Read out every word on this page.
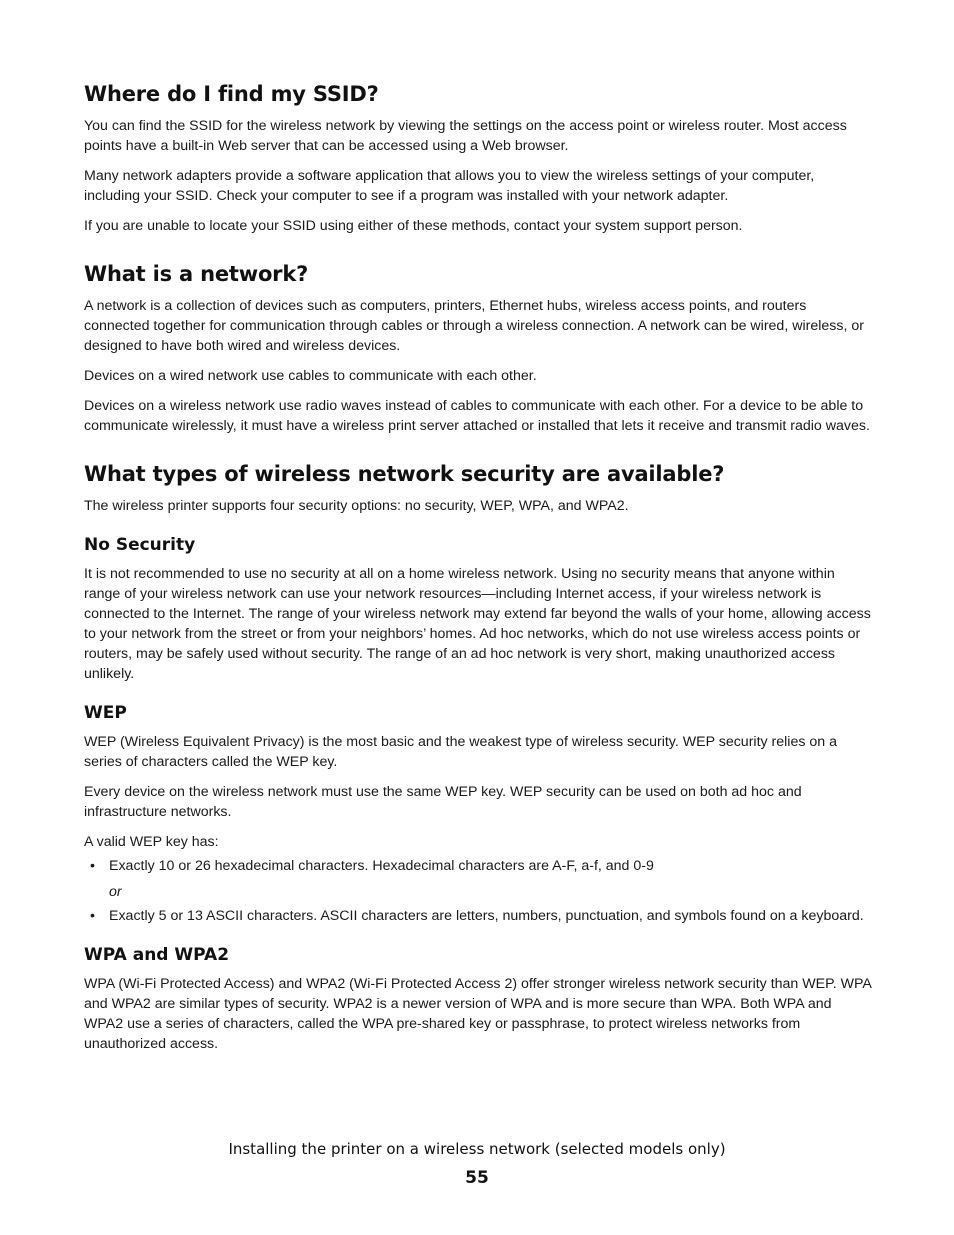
Where do I find my SSID?

You can find the SSID for the wireless network by viewing the settings on the access point or wireless router. Most access points have a built-in Web server that can be accessed using a Web browser.

Many network adapters provide a software application that allows you to view the wireless settings of your computer, including your SSID. Check your computer to see if a program was installed with your network adapter.

If you are unable to locate your SSID using either of these methods, contact your system support person.

What is a network?

A network is a collection of devices such as computers, printers, Ethernet hubs, wireless access points, and routers connected together for communication through cables or through a wireless connection. A network can be wired, wireless, or designed to have both wired and wireless devices.

Devices on a wired network use cables to communicate with each other.

Devices on a wireless network use radio waves instead of cables to communicate with each other. For a device to be able to communicate wirelessly, it must have a wireless print server attached or installed that lets it receive and transmit radio waves.

What types of wireless network security are available?

The wireless printer supports four security options: no security, WEP, WPA, and WPA2.

No Security

It is not recommended to use no security at all on a home wireless network. Using no security means that anyone within range of your wireless network can use your network resources—including Internet access, if your wireless network is connected to the Internet. The range of your wireless network may extend far beyond the walls of your home, allowing access to your network from the street or from your neighbors’ homes. Ad hoc networks, which do not use wireless access points or routers, may be safely used without security. The range of an ad hoc network is very short, making unauthorized access unlikely.

WEP

WEP (Wireless Equivalent Privacy) is the most basic and the weakest type of wireless security. WEP security relies on a series of characters called the WEP key.

Every device on the wireless network must use the same WEP key. WEP security can be used on both ad hoc and infrastructure networks.

A valid WEP key has:

• Exactly 10 or 26 hexadecimal characters. Hexadecimal characters are A-F, a-f, and 0-9
or
• Exactly 5 or 13 ASCII characters. ASCII characters are letters, numbers, punctuation, and symbols found on a keyboard.
WPA and WPA2

WPA (Wi-Fi Protected Access) and WPA2 (Wi-Fi Protected Access 2) offer stronger wireless network security than WEP. WPA and WPA2 are similar types of security. WPA2 is a newer version of WPA and is more secure than WPA. Both WPA and WPA2 use a series of characters, called the WPA pre-shared key or passphrase, to protect wireless networks from unauthorized access.

Installing the printer on a wireless network (selected models only)
55
